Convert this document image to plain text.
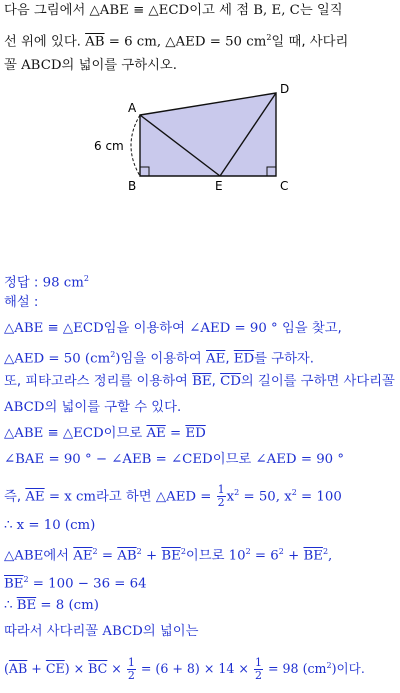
다음 그림에서 △ABE ≡ △ECD이고 세 점 B, E, C는 일직
선 위에 있다. $\overline{AB} = 6$ cm, △AED = 50 $cm^2$일 때, 사다리
꼴 ABCD의 넓이를 구하시오.
A
D
B	E	C
6 cm
정답 : 98 $cm^2$
해설 :
△ABE ≡ △ECD임을 이용하여 ∠AED = 90 ° 임을 찾고,
△AED = 50 $(cm^2)$임을 이용하여 $\overline{AE}$, $\overline{ED}$를 구하자.
또, 피타고라스 정리를 이용하여 $\overline{BE}$, $\overline{CD}$의 길이를 구하면 사다리꼴
ABCD의 넓이를 구할 수 있다.
△ABE ≡ △ECD이므로 $\overline{AE} = \overline{ED}$
∠BAE = 90 ° − ∠AEB = ∠CED이므로 ∠AED = 90 °
즉, $\overline{AE} = x$ cm라고 하면 △AED = $\frac{1}{2} x^2 = 50$, $x^2 = 100$
∴ x = 10 (cm)
△ABE에서 $\overline{AE}^2 = \overline{AB}^2 + \overline{BE}^2$이므로 $10^2 = 6^2 + \overline{BE}^2$,
$\overline{BE}^2 = 100 - 36 = 64$
∴ $\overline{BE} = 8$ (cm)
따라서 사다리꼴 ABCD의 넓이는
$(\overline{AB} + \overline{CE}) \times \overline{BC} \times \frac{1}{2} = (6 + 8) \times 14 \times \frac{1}{2} = 98$ $(cm^2)$이다.
